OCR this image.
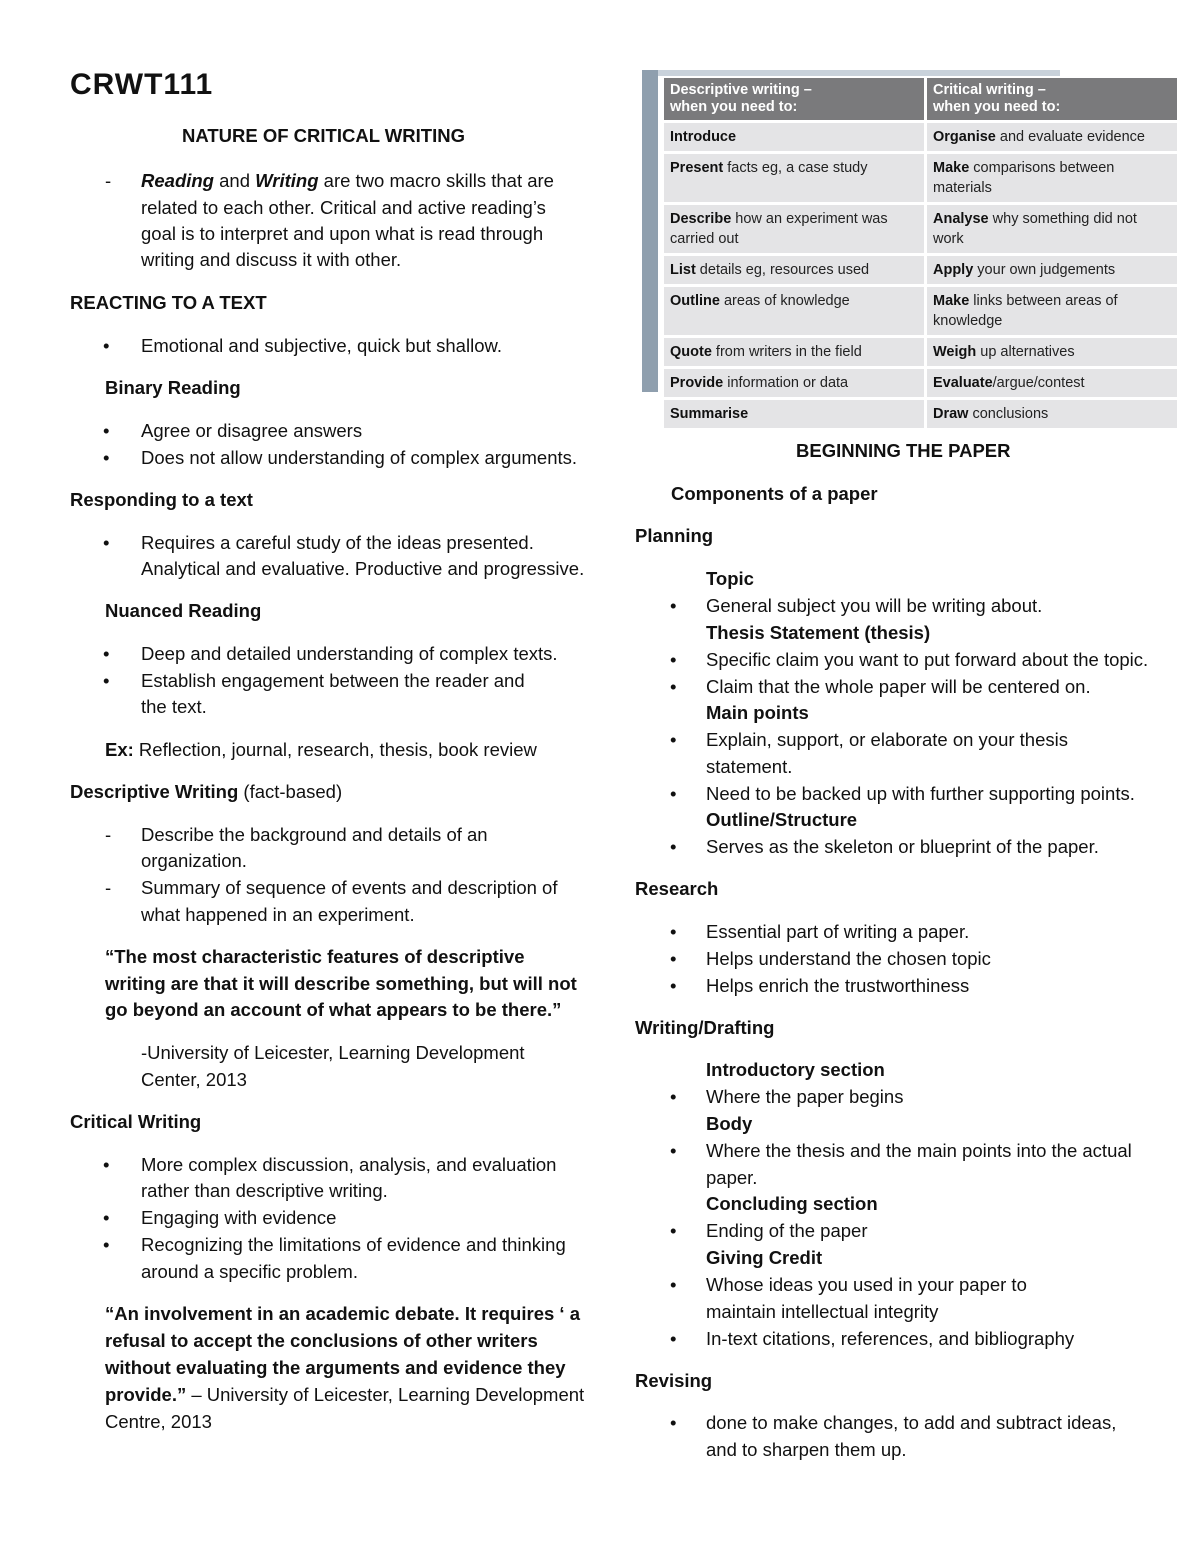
CRWT111
NATURE OF CRITICAL WRITING
-	Reading and Writing are two macro skills that are
related to each other. Critical and active reading’s
goal is to interpret and upon what is read through
writing and discuss it with other.
REACTING TO A TEXT
•	Emotional and subjective, quick but shallow.
Binary Reading
•	Agree or disagree answers
•	Does not allow understanding of complex arguments.
Responding to a text
•	Requires a careful study of the ideas presented.
Analytical and evaluative. Productive and progressive.
Nuanced Reading
•	Deep and detailed understanding of complex texts.
•	Establish engagement between the reader and
the text.
Ex: Reflection, journal, research, thesis, book review
Descriptive Writing (fact-based)
-	Describe the background and details of an
organization.
-	Summary of sequence of events and description of
what happened in an experiment.
“The most characteristic features of descriptive
writing are that it will describe something, but will not
go beyond an account of what appears to be there.”
-University of Leicester, Learning Development
Center, 2013
Critical Writing
•	More complex discussion, analysis, and evaluation
rather than descriptive writing.
•	Engaging with evidence
•	Recognizing the limitations of evidence and thinking
around a specific problem.
“An involvement in an academic debate. It requires ‘ a
refusal to accept the conclusions of other writers
without evaluating the arguments and evidence they
provide.” – University of Leicester, Learning Development
Centre, 2013
Descriptive writing –
when you need to:	Critical writing –
when you need to:
Introduce	Organise and evaluate evidence
Present facts eg, a case study	Make comparisons between materials
Describe how an experiment was carried out	Analyse why something did not work
List details eg, resources used	Apply your own judgements
Outline areas of knowledge	Make links between areas of knowledge
Quote from writers in the field	Weigh up alternatives
Provide information or data	Evaluate/argue/contest
Summarise	Draw conclusions
BEGINNING THE PAPER
Components of a paper
Planning
Topic
•	General subject you will be writing about.
Thesis Statement (thesis)
•	Specific claim you want to put forward about the topic.
•	Claim that the whole paper will be centered on.
Main points
•	Explain, support, or elaborate on your thesis
statement.
•	Need to be backed up with further supporting points.
Outline/Structure
•	Serves as the skeleton or blueprint of the paper.
Research
•	Essential part of writing a paper.
•	Helps understand the chosen topic
•	Helps enrich the trustworthiness
Writing/Drafting
Introductory section
•	Where the paper begins
Body
•	Where the thesis and the main points into the actual
paper.
Concluding section
•	Ending of the paper
Giving Credit
•	Whose ideas you used in your paper to
maintain intellectual integrity
•	In-text citations, references, and bibliography
Revising
•	done to make changes, to add and subtract ideas,
and to sharpen them up.
